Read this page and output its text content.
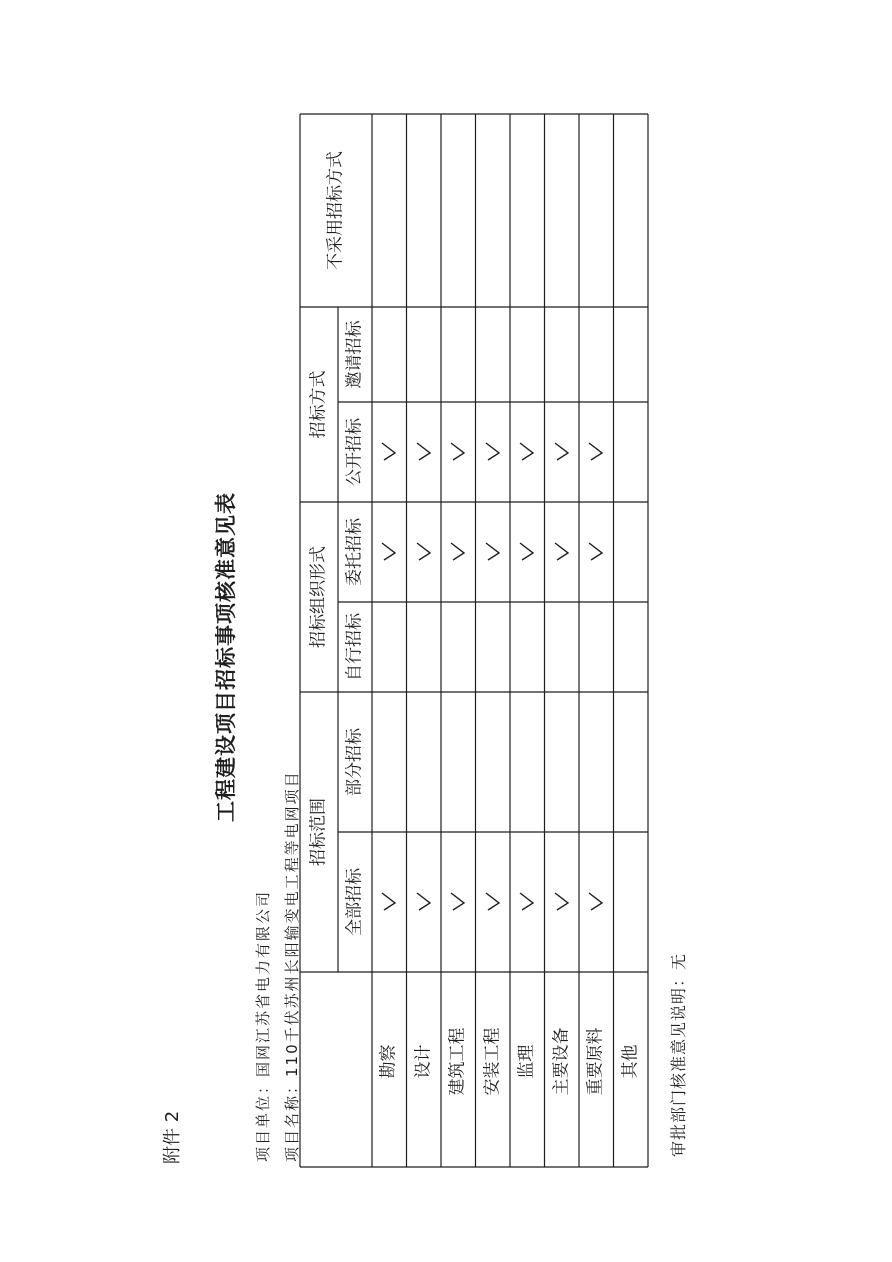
附件 2
工程建设项目招标事项核准意见表
项目单位：国网江苏省电力有限公司 项目名称：110千伏苏州长阳输变电工程等电网项目 招标范围
招标组织形式
招标方式
不采用招标方式
全部招标
部分招标
自行招标
委托招标
公开招标
邀请招标
勘察 设计 建筑工程 安装工程 监理 主要设备 重要原料 其他 审批部门核准意见说明：无
